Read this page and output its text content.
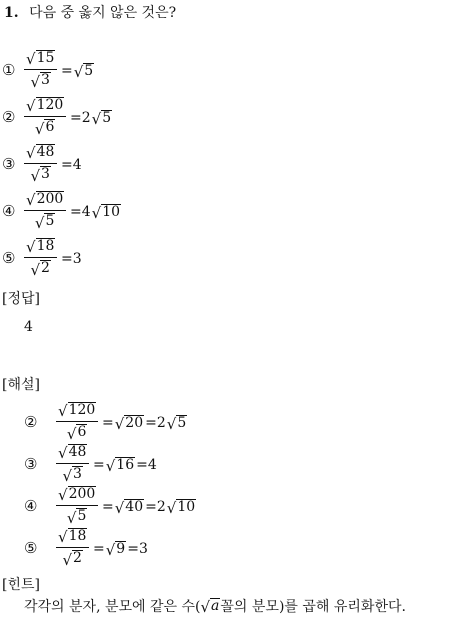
1. 다음 중 옳지 않은 것은?
① $\frac{√ 15}{√ 3}$ = √ 5
② $\frac{√ 120}{√ 6} = 2$ √ 5
③ $\frac{√ 48}{√ 3} = 4$
④ $\frac{√ 200}{√ 5} = 4$ √ 10
⑤ $\frac{√ 18}{√ 2} = 3$
[정답]
4
[해설]
② $\frac{√ 120}{√ 6}$ = √ 20 = 2 √ 5
③ $\frac{√ 48}{√ 3}$ = √ 16 = 4
④ $\frac{√ 200}{√ 5}$ = √ 40 = 2 √ 10
⑤ $\frac{√ 18}{√ 2}$ = √ 9 = 3
[힌트]
각각의 분자, 분모에 같은 수( √ a 꼴의 분모)를 곱해 유리화한다.
